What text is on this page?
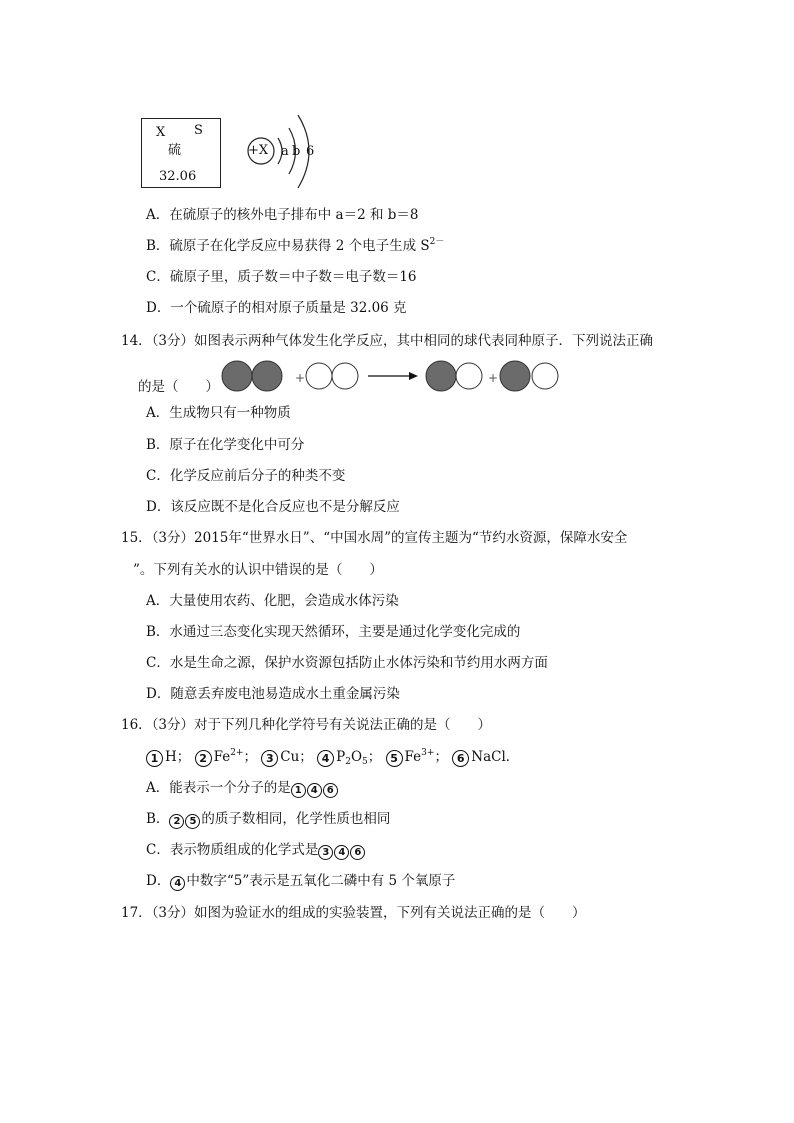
X S
硫
32.06
+X a b 6
A．在硫原子的核外电子排布中 a＝2 和 b＝8
B．硫原子在化学反应中易获得 2 个电子生成 $S^{2-}$
C．硫原子里，质子数＝中子数＝电子数＝16
D．一个硫原子的相对原子质量是 32.06 克
14．（3分）如图表示两种气体发生化学反应，其中相同的球代表同种原子．下列说法正确
的是（　　）
+	+
A．生成物只有一种物质
B．原子在化学变化中可分
C．化学反应前后分子的种类不变
D．该反应既不是化合反应也不是分解反应
15．（3分）2015年“世界水日”、“中国水周”的宣传主题为“节约水资源，保障水安全
”。下列有关水的认识中错误的是（　　）
A．大量使用农药、化肥，会造成水体污染
B．水通过三态变化实现天然循环，主要是通过化学变化完成的
C．水是生命之源，保护水资源包括防止水体污染和节约用水两方面
D．随意丢弃废电池易造成水土重金属污染
16．（3分）对于下列几种化学符号有关说法正确的是（　　）
1 H； 2 $Fe^{2+}$； 3 Cu； 4 $P_2O_5$； 5 $Fe^{3+}$； 6 NaCl．
A．能表示一个分子的是 1 4 6
B． 2 5 的质子数相同，化学性质也相同
C．表示物质组成的化学式是 3 4 6
D． 4 中数字“5”表示是五氧化二磷中有 5 个氧原子
17．（3分）如图为验证水的组成的实验装置，下列有关说法正确的是（　　）
